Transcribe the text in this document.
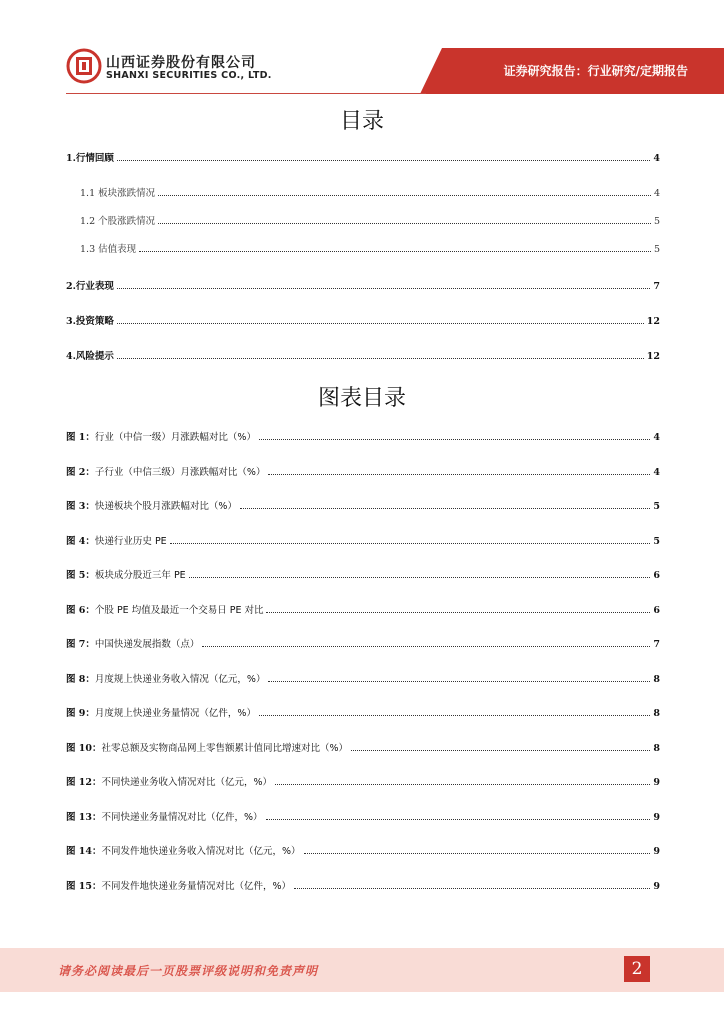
山西证券股份有限公司
SHANXI SECURITIES CO., LTD.	证券研究报告：行业研究/定期报告
目录
1.行情回顾	4
1.1 板块涨跌情况	4
1.2 个股涨跌情况	5
1.3 估值表现	5
2.行业表现	7
3.投资策略	12
4.风险提示	12
图表目录
图 1：行业（中信一级）月涨跌幅对比（%）	4
图 2：子行业（中信三级）月涨跌幅对比（%）	4
图 3：快递板块个股月涨跌幅对比（%）	5
图 4：快递行业历史 PE	5
图 5：板块成分股近三年 PE	6
图 6：个股 PE 均值及最近一个交易日 PE 对比	6
图 7：中国快递发展指数（点）	7
图 8：月度规上快递业务收入情况（亿元，%）	8
图 9：月度规上快递业务量情况（亿件，%）	8
图 10：社零总额及实物商品网上零售额累计值同比增速对比（%）	8
图 12：不同快递业务收入情况对比（亿元，%）	9
图 13：不同快递业务量情况对比（亿件，%）	9
图 14：不同发件地快递业务收入情况对比（亿元，%）	9
图 15：不同发件地快递业务量情况对比（亿件，%）	9
请务必阅读最后一页股票评级说明和免责声明	2
